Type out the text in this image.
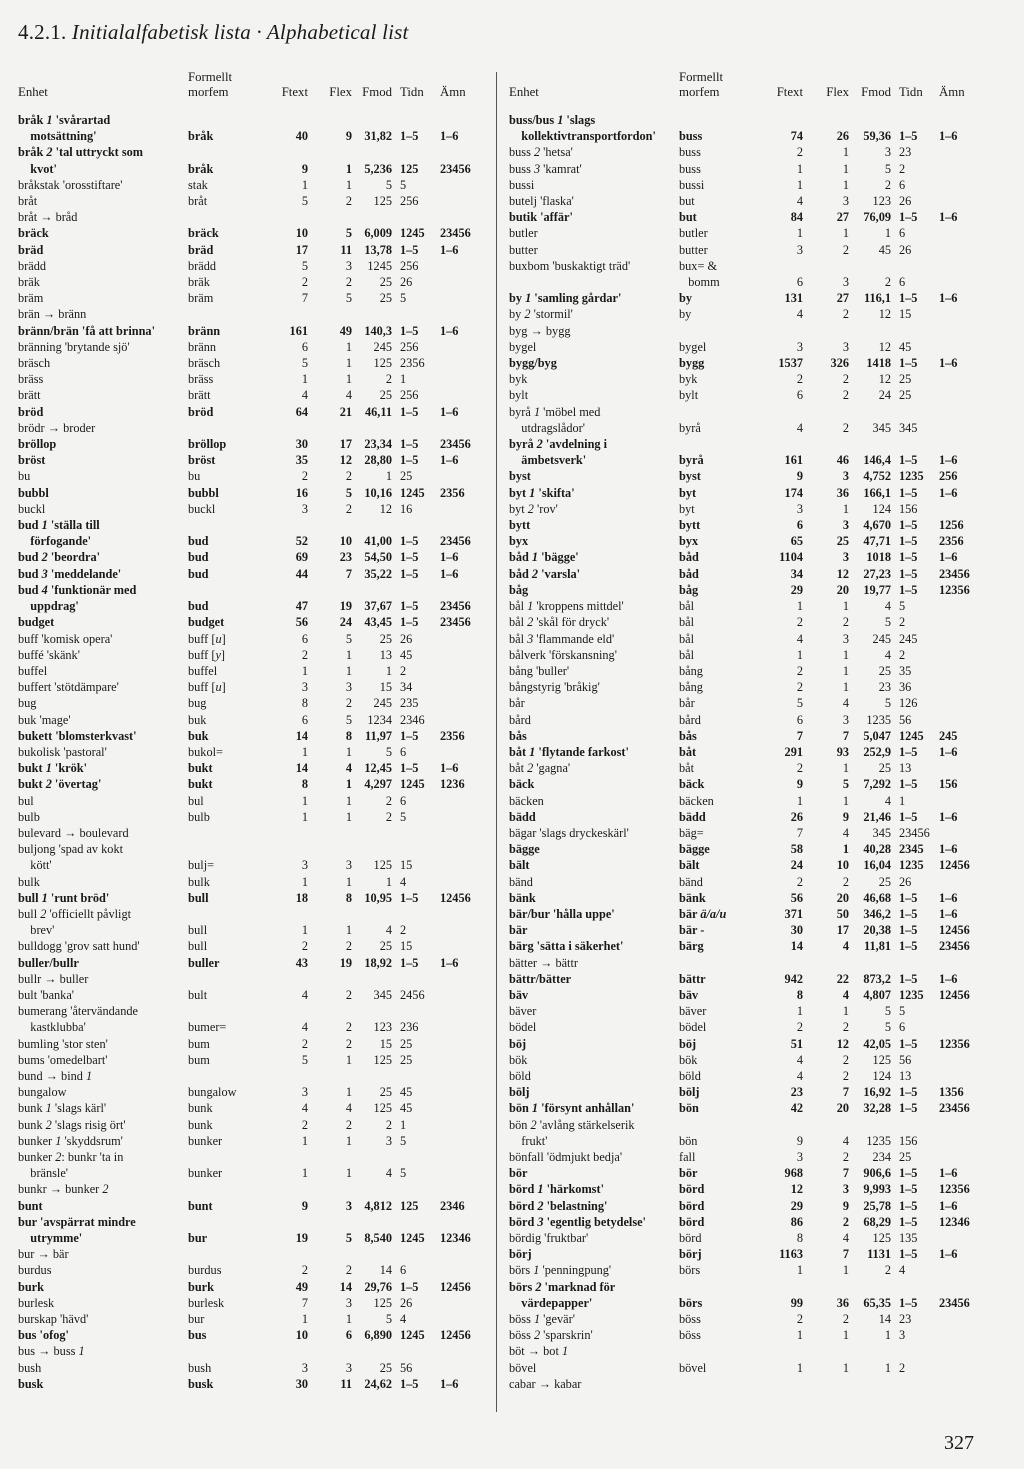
4.2.1. Initialalfabetisk lista · Alphabetical list
Enhet	Formellt
morfem	Ftext	Flex	Fmod	Tidn	Ämn
bråk 1 'svårartad						
motsättning'	bråk	40	9	31,82	1–5	1–6
bråk 2 'tal uttryckt som						
kvot'	bråk	9	1	5,236	125	23456
bråkstak 'orosstiftare'	stak	1	1	5	5	
bråt	bråt	5	2	125	256	
bråt → bråd						
bräck	bräck	10	5	6,009	1245	23456
bräd	bräd	17	11	13,78	1–5	1–6
brädd	brädd	5	3	1245	256	
bräk	bräk	2	2	25	26	
bräm	bräm	7	5	25	5	
brän → bränn						
bränn/brän 'få att brinna'	bränn	161	49	140,3	1–5	1–6
bränning 'brytande sjö'	bränn	6	1	245	256	
bräsch	bräsch	5	1	125	2356	
bräss	bräss	1	1	2	1	
brätt	brätt	4	4	25	256	
bröd	bröd	64	21	46,11	1–5	1–6
brödr → broder						
bröllop	bröllop	30	17	23,34	1–5	23456
bröst	bröst	35	12	28,80	1–5	1–6
bu	bu	2	2	1	25	
bubbl	bubbl	16	5	10,16	1245	2356
buckl	buckl	3	2	12	16	
bud 1 'ställa till						
förfogande'	bud	52	10	41,00	1–5	23456
bud 2 'beordra'	bud	69	23	54,50	1–5	1–6
bud 3 'meddelande'	bud	44	7	35,22	1–5	1–6
bud 4 'funktionär med						
uppdrag'	bud	47	19	37,67	1–5	23456
budget	budget	56	24	43,45	1–5	23456
buff 'komisk opera'	buff [u]	6	5	25	26	
buffé 'skänk'	buff [y]	2	1	13	45	
buffel	buffel	1	1	1	2	
buffert 'stötdämpare'	buff [u]	3	3	15	34	
bug	bug	8	2	245	235	
buk 'mage'	buk	6	5	1234	2346	
bukett 'blomsterkvast'	buk	14	8	11,97	1–5	2356
bukolisk 'pastoral'	bukol=	1	1	5	6	
bukt 1 'krök'	bukt	14	4	12,45	1–5	1–6
bukt 2 'övertag'	bukt	8	1	4,297	1245	1236
bul	bul	1	1	2	6	
bulb	bulb	1	1	2	5	
bulevard → boulevard						
buljong 'spad av kokt						
kött'	bulj=	3	3	125	15	
bulk	bulk	1	1	1	4	
bull 1 'runt bröd'	bull	18	8	10,95	1–5	12456
bull 2 'officiellt påvligt						
brev'	bull	1	1	4	2	
bulldogg 'grov satt hund'	bull	2	2	25	15	
buller/bullr	buller	43	19	18,92	1–5	1–6
bullr → buller						
bult 'banka'	bult	4	2	345	2456	
bumerang 'återvändande						
kastklubba'	bumer=	4	2	123	236	
bumling 'stor sten'	bum	2	2	15	25	
bums 'omedelbart'	bum	5	1	125	25	
bund → bind 1						
bungalow	bungalow	3	1	25	45	
bunk 1 'slags kärl'	bunk	4	4	125	45	
bunk 2 'slags risig ört'	bunk	2	2	2	1	
bunker 1 'skyddsrum'	bunker	1	1	3	5	
bunker 2: bunkr 'ta in						
bränsle'	bunker	1	1	4	5	
bunkr → bunker 2						
bunt	bunt	9	3	4,812	125	2346
bur 'avspärrat mindre						
utrymme'	bur	19	5	8,540	1245	12346
bur → bär						
burdus	burdus	2	2	14	6	
burk	burk	49	14	29,76	1–5	12456
burlesk	burlesk	7	3	125	26	
burskap 'hävd'	bur	1	1	5	4	
bus 'ofog'	bus	10	6	6,890	1245	12456
bus → buss 1						
bush	bush	3	3	25	56	
busk	busk	30	11	24,62	1–5	1–6
Enhet	Formellt
morfem	Ftext	Flex	Fmod	Tidn	Ämn
buss/bus 1 'slags						
kollektivtransportfordon'	buss	74	26	59,36	1–5	1–6
buss 2 'hetsa'	buss	2	1	3	23	
buss 3 'kamrat'	buss	1	1	5	2	
bussi	bussi	1	1	2	6	
butelj 'flaska'	but	4	3	123	26	
butik 'affär'	but	84	27	76,09	1–5	1–6
butler	butler	1	1	1	6	
butter	butter	3	2	45	26	
buxbom 'buskaktigt träd'	bux= &					
	bomm	6	3	2	6	
by 1 'samling gårdar'	by	131	27	116,1	1–5	1–6
by 2 'stormil'	by	4	2	12	15	
byg → bygg						
bygel	bygel	3	3	12	45	
bygg/byg	bygg	1537	326	1418	1–5	1–6
byk	byk	2	2	12	25	
bylt	bylt	6	2	24	25	
byrå 1 'möbel med						
utdragslådor'	byrå	4	2	345	345	
byrå 2 'avdelning i						
ämbetsverk'	byrå	161	46	146,4	1–5	1–6
byst	byst	9	3	4,752	1235	256
byt 1 'skifta'	byt	174	36	166,1	1–5	1–6
byt 2 'rov'	byt	3	1	124	156	
bytt	bytt	6	3	4,670	1–5	1256
byx	byx	65	25	47,71	1–5	2356
båd 1 'bägge'	båd	1104	3	1018	1–5	1–6
båd 2 'varsla'	båd	34	12	27,23	1–5	23456
båg	båg	29	20	19,77	1–5	12356
bål 1 'kroppens mittdel'	bål	1	1	4	5	
bål 2 'skål för dryck'	bål	2	2	5	2	
bål 3 'flammande eld'	bål	4	3	245	245	
bålverk 'förskansning'	bål	1	1	4	2	
bång 'buller'	bång	2	1	25	35	
bångstyrig 'bråkig'	bång	2	1	23	36	
bår	bår	5	4	5	126	
bård	bård	6	3	1235	56	
bås	bås	7	7	5,047	1245	245
båt 1 'flytande farkost'	båt	291	93	252,9	1–5	1–6
båt 2 'gagna'	båt	2	1	25	13	
bäck	bäck	9	5	7,292	1–5	156
bäcken	bäcken	1	1	4	1	
bädd	bädd	26	9	21,46	1–5	1–6
bägar 'slags dryckeskärl'	bäg=	7	4	345	23456	
bägge	bägge	58	1	40,28	2345	1–6
bält	bält	24	10	16,04	1235	12456
bänd	bänd	2	2	25	26	
bänk	bänk	56	20	46,68	1–5	1–6
bär/bur 'hålla uppe'	bär ä/a/u	371	50	346,2	1–5	1–6
bär	bär -	30	17	20,38	1–5	12456
bärg 'sätta i säkerhet'	bärg	14	4	11,81	1–5	23456
bätter → bättr						
bättr/bätter	bättr	942	22	873,2	1–5	1–6
bäv	bäv	8	4	4,807	1235	12456
bäver	bäver	1	1	5	5	
bödel	bödel	2	2	5	6	
böj	böj	51	12	42,05	1–5	12356
bök	bök	4	2	125	56	
böld	böld	4	2	124	13	
bölj	bölj	23	7	16,92	1–5	1356
bön 1 'försynt anhållan'	bön	42	20	32,28	1–5	23456
bön 2 'avlång stärkelserik						
frukt'	bön	9	4	1235	156	
bönfall 'ödmjukt bedja'	fall	3	2	234	25	
bör	bör	968	7	906,6	1–5	1–6
börd 1 'härkomst'	börd	12	3	9,993	1–5	12356
börd 2 'belastning'	börd	29	9	25,78	1–5	1–6
börd 3 'egentlig betydelse'	börd	86	2	68,29	1–5	12346
bördig 'fruktbar'	börd	8	4	125	135	
börj	börj	1163	7	1131	1–5	1–6
börs 1 'penningpung'	börs	1	1	2	4	
börs 2 'marknad för						
värdepapper'	börs	99	36	65,35	1–5	23456
böss 1 'gevär'	böss	2	2	14	23	
böss 2 'sparskrin'	böss	1	1	1	3	
böt → bot 1						
bövel	bövel	1	1	1	2	
cabar → kabar						
327
